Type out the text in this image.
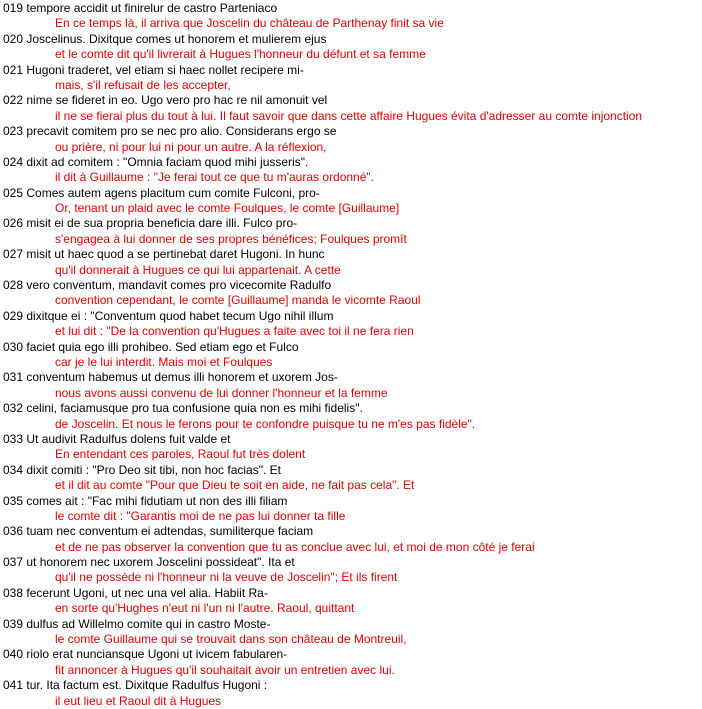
019 tempore accidit ut finirelur de castro Parteniaco
En ce temps là, il arriva que Joscelin du château de Parthenay finit sa vie
020 Joscelinus. Dixitque comes ut honorem et mulierem ejus
et le comte dit qu'il livrerait à Hugues l'honneur du défunt et sa femme
021 Hugoni traderet, vel etiam si haec nollet recipere mi-
mais, s'il refusait de les accepter,
022 nime se fideret in eo. Ugo vero pro hac re nil amonuit vel
il ne se fierai plus du tout à lui. Il faut savoir que dans cette affaire Hugues évita d'adresser au comte injonction
023 precavit comitem pro se nec pro alio. Considerans ergo se
ou prière, ni pour lui ni pour un autre. A la réflexion,
024 dixit ad comitem : "Omnia faciam quod mihi jusseris".
il dit à Guillaume : "Je ferai tout ce que tu m'auras ordonné".
025 Comes autem agens placitum cum comite Fulconi, pro-
Or, tenant un plaid avec le comte Foulques, le comte [Guillaume]
026 misit ei de sua propria beneficia dare illi. Fulco pro-
s'engagea à lui donner de ses propres bénéfices; Foulques promît
027 misit ut haec quod a se pertinebat daret Hugoni. In hunc
qu'il donnerait à Hugues ce qui lui appartenait. A cette
028 vero conventum, mandavit comes pro vicecomite Radulfo
convention cependant, le comte [Guillaume] manda le vicomte Raoul
029 dixitque ei : "Conventum quod habet tecum Ugo nihil illum
et lui dit : "De la convention qu'Hugues a faite avec toi il ne fera rien
030 faciet quia ego illi prohibeo. Sed etiam ego et Fulco
car je le lui interdit. Mais moi et Foulques
031 conventum habemus ut demus illi honorem et uxorem Jos-
nous avons aussi convenu de lui donner l'honneur et la femme
032 celini, faciamusque pro tua confusione quia non es mihi fidelis".
de Joscelin. Et nous le ferons pour te confondre puisque tu ne m'es pas fidèle".
033 Ut audivit Radulfus dolens fuit valde et
En entendant ces paroles, Raoul fut très dolent
034 dixit comiti : "Pro Deo sit tibi, non hoc facias". Et
et il dit au comte "Pour que Dieu te soit en aide, ne fait pas cela". Et
035 comes ait : "Fac mihi fidutiam ut non des illi filiam
le comte dit : "Garantis moi de ne pas lui donner ta fille
036 tuam nec conventum ei adtendas, sumiliterque faciam
et de ne pas observer la convention que tu as conclue avec lui, et moi de mon côté je ferai
037 ut honorem nec uxorem Joscelini possideat". Ita et
qu'il ne possède ni l'honneur ni la veuve de Joscelin"; Et ils firent
038 fecerunt Ugoni, ut nec una vel alia. Habiit Ra-
en sorte qu'Hughes n'eut ni l'un ni l'autre. Raoul, quittant
039 dulfus ad Willelmo comite qui in castro Moste-
le comte Guillaume qui se trouvait dans son château de Montreuil,
040 riolo erat nunciansque Ugoni ut ivicem fabularen-
fit annoncer à Hugues qu'il souhaitait avoir un entretien avec lui.
041 tur. Ita factum est. Dixitque Radulfus Hugoni :
il eut lieu et Raoul dit à Hugues
